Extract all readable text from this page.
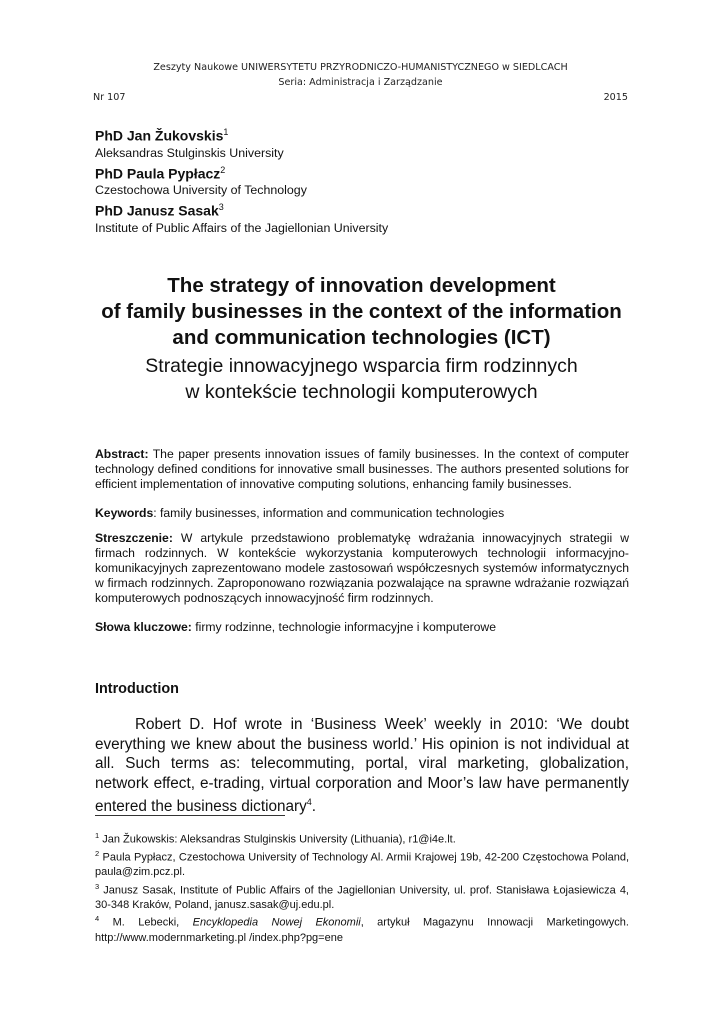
Zeszyty Naukowe UNIWERSYTETU PRZYRODNICZO-HUMANISTYCZNEGO w SIEDLCACH
Seria: Administracja i Zarządzanie
Nr 107	2015
PhD Jan Žukovskis$^1$
Aleksandras Stulginskis University
PhD Paula Pypłacz$^2$
Czestochowa University of Technology
PhD Janusz Sasak$^3$
Institute of Public Affairs of the Jagiellonian University
The strategy of innovation development
of family businesses in the context of the information
and communication technologies (ICT)
Strategie innowacyjnego wsparcia firm rodzinnych
w kontekście technologii komputerowych
Abstract: The paper presents innovation issues of family businesses. In the context of computer technology defined conditions for innovative small businesses. The authors presented solutions for efficient implementation of innovative computing solutions, enhancing family businesses.
Keywords: family businesses, information and communication technologies
Streszczenie: W artykule przedstawiono problematykę wdrażania innowacyjnych strategii w firmach rodzinnych. W kontekście wykorzystania komputerowych technologii informacyjno-komunikacyjnych zaprezentowano modele zastosowań współczesnych systemów informatycznych w firmach rodzinnych. Zaproponowano rozwiązania pozwalające na sprawne wdrażanie rozwiązań komputerowych podnoszących innowacyjność firm rodzinnych.
Słowa kluczowe: firmy rodzinne, technologie informacyjne i komputerowe
Introduction
Robert D. Hof wrote in ‘Business Week’ weekly in 2010: ‘We doubt everything we knew about the business world.’ His opinion is not individual at all. Such terms as: telecommuting, portal, viral marketing, globalization, network effect, e-trading, virtual corporation and Moor’s law have permanently entered the business dictionary$^4$.

$^1$ Jan Žukowskis: Aleksandras Stulginskis University (Lithuania), r1@i4e.lt.

$^2$ Paula Pypłacz, Czestochowa University of Technology Al. Armii Krajowej 19b, 42-200 Częstochowa Poland, paula@zim.pcz.pl.

$^3$ Janusz Sasak, Institute of Public Affairs of the Jagiellonian University, ul. prof. Stanisława Łojasiewicza 4, 30-348 Kraków, Poland, janusz.sasak@uj.edu.pl.

$^4$ M. Lebecki, Encyklopedia Nowej Ekonomii, artykuł Magazynu Innowacji Marketingowych. http://www.modernmarketing.pl /index.php?pg=ene
